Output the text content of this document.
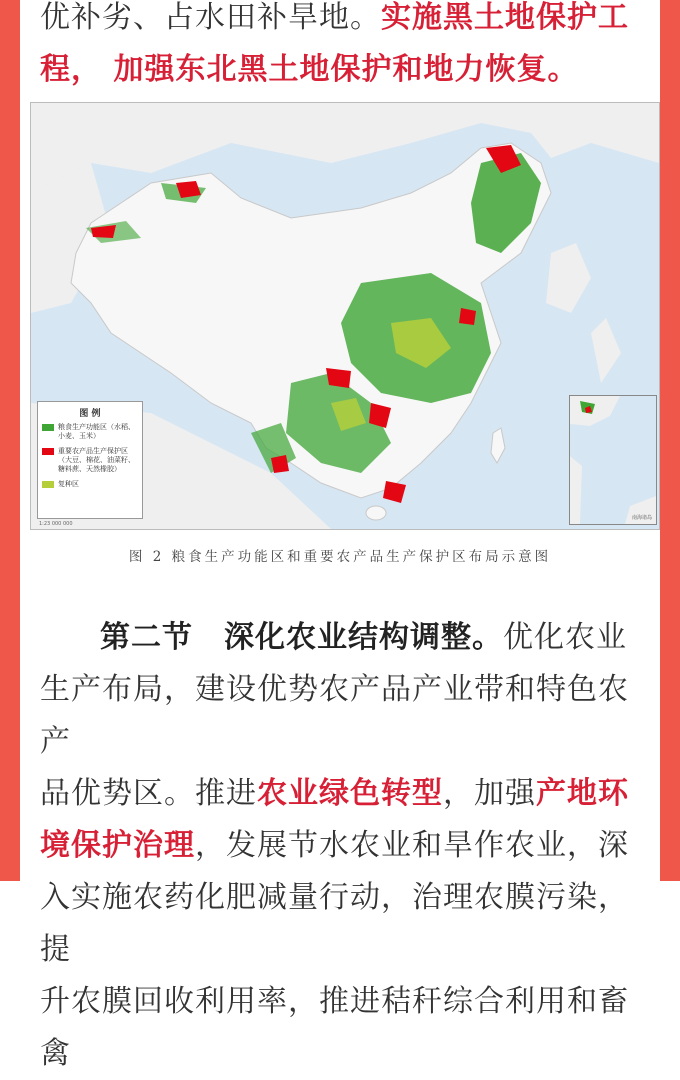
优补劣、占水田补旱地。实施黑土地保护工
程， 加强东北黑土地保护和地力恢复。
图 例
粮食生产功能区（水稻、小麦、玉米）
重要农产品生产保护区（大豆、棉花、油菜籽、糖料蔗、天然橡胶）
复种区
1:23 000 000
南海诸岛
图 2 粮食生产功能区和重要农产品生产保护区布局示意图
第二节　深化农业结构调整。优化农业
生产布局，建设优势农产品产业带和特色农产
品优势区。推进农业绿色转型，加强产地环
境保护治理，发展节水农业和旱作农业，深
入实施农药化肥减量行动，治理农膜污染，提
升农膜回收利用率，推进秸秆综合利用和畜禽
